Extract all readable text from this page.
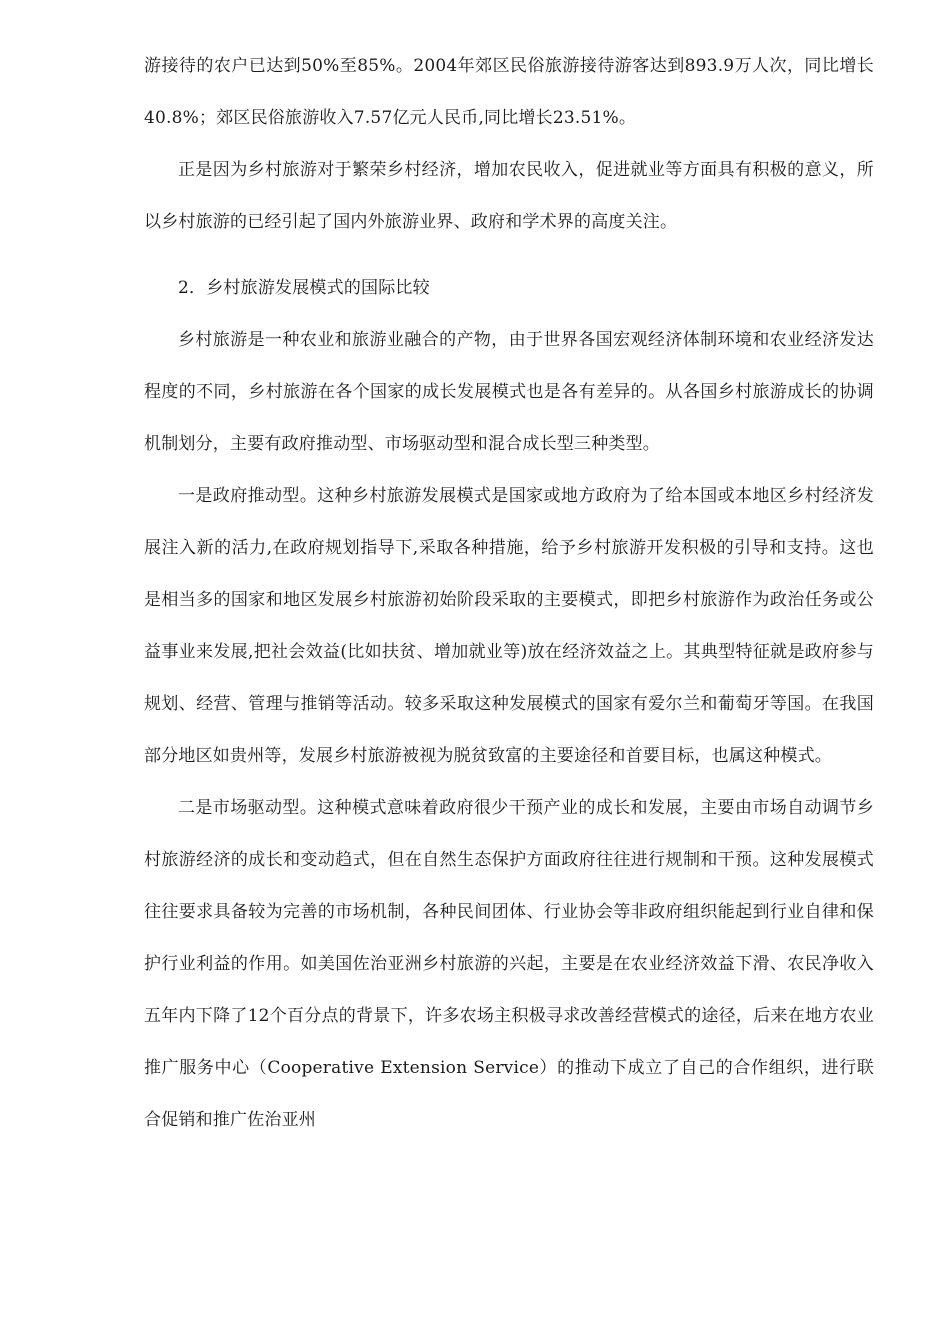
游接待的农户已达到50%至85%。2004年郊区民俗旅游接待游客达到893.9万人次，同比增长40.8%；郊区民俗旅游收入7.57亿元人民币,同比增长23.51%。

正是因为乡村旅游对于繁荣乡村经济，增加农民收入，促进就业等方面具有积极的意义，所以乡村旅游的已经引起了国内外旅游业界、政府和学术界的高度关注。

2．乡村旅游发展模式的国际比较

乡村旅游是一种农业和旅游业融合的产物，由于世界各国宏观经济体制环境和农业经济发达程度的不同，乡村旅游在各个国家的成长发展模式也是各有差异的。从各国乡村旅游成长的协调机制划分，主要有政府推动型、市场驱动型和混合成长型三种类型。

一是政府推动型。这种乡村旅游发展模式是国家或地方政府为了给本国或本地区乡村经济发展注入新的活力,在政府规划指导下,采取各种措施，给予乡村旅游开发积极的引导和支持。这也是相当多的国家和地区发展乡村旅游初始阶段采取的主要模式，即把乡村旅游作为政治任务或公益事业来发展,把社会效益(比如扶贫、增加就业等)放在经济效益之上。其典型特征就是政府参与规划、经营、管理与推销等活动。较多采取这种发展模式的国家有爱尔兰和葡萄牙等国。在我国部分地区如贵州等，发展乡村旅游被视为脱贫致富的主要途径和首要目标，也属这种模式。

二是市场驱动型。这种模式意味着政府很少干预产业的成长和发展，主要由市场自动调节乡村旅游经济的成长和变动趋式，但在自然生态保护方面政府往往进行规制和干预。这种发展模式往往要求具备较为完善的市场机制，各种民间团体、行业协会等非政府组织能起到行业自律和保护行业利益的作用。如美国佐治亚洲乡村旅游的兴起，主要是在农业经济效益下滑、农民净收入五年内下降了12个百分点的背景下，许多农场主积极寻求改善经营模式的途径，后来在地方农业推广服务中心（Cooperative Extension Service）的推动下成立了自己的合作组织，进行联合促销和推广佐治亚州
